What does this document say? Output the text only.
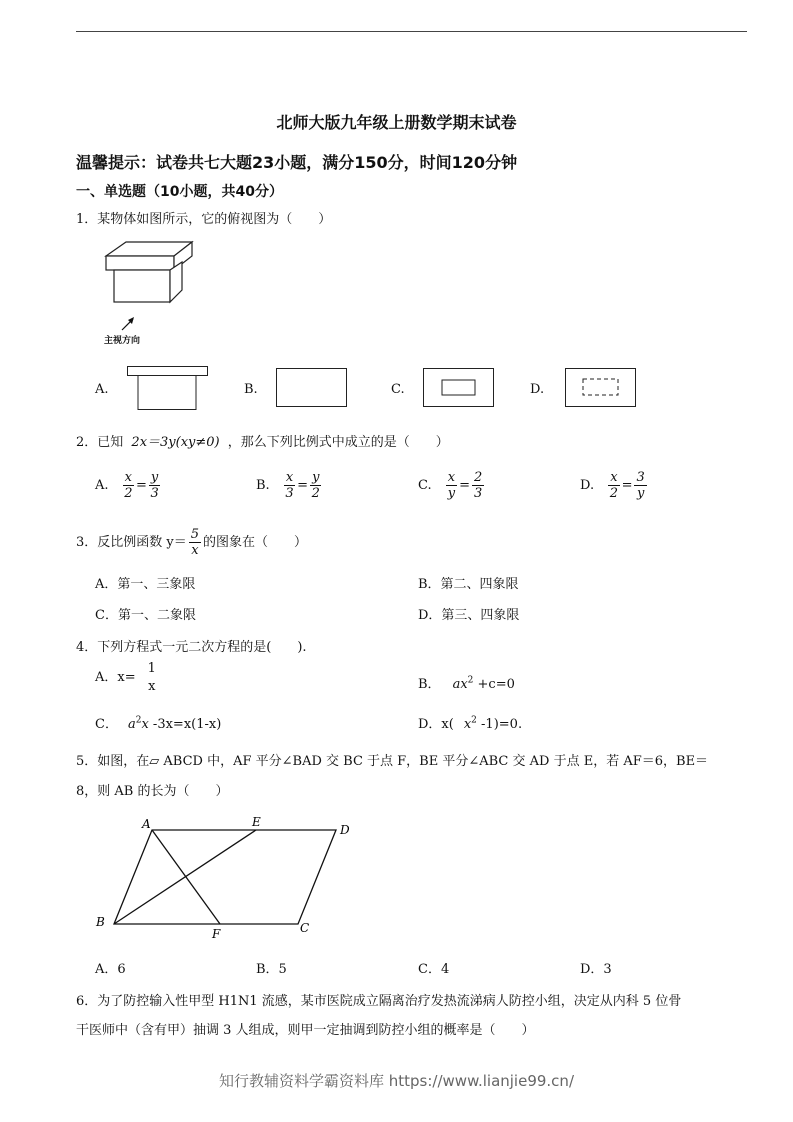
北师大版九年级上册数学期末试卷
温馨提示：试卷共七大题23小题，满分150分，时间120分钟
一、单选题（10小题，共40分）
1．某物体如图所示，它的俯视图为（　　）
主视方向
A.	B.	C.	D.
2．已知 2x＝3y(xy≠0) ，那么下列比例式中成立的是（　　）
A. $\frac{x}{2} = \frac{y}{3}$	B. $\frac{x}{3} = \frac{y}{2}$	C. $\frac{x}{y} = \frac{2}{3}$	D. $\frac{x}{2} = \frac{3}{y}$
3．反比例函数 $y= \frac{5}{x}$ 的图象在（　　）
A．第一、三象限	B．第二、四象限
C．第一、二象限	D．第三、四象限
4．下列方程式一元二次方程的是(　　).
A．x=
1
x	B． $ax^2 +c=0$
C． $a^2x$ -3x=x(1-x)	D．x( $x^2$ -1)=0.
5．如图，在▱ ABCD 中，AF 平分∠BAD 交 BC 于点 F，BE 平分∠ABC 交 AD 于点 E，若 AF＝6，BE＝
8，则 AB 的长为（　　）
A	E
D
B
F	C
A．6	B．5	C．4	D．3
6．为了防控输入性甲型 H1N1 流感，某市医院成立隔离治疗发热流涕病人防控小组，决定从内科 5 位骨
干医师中（含有甲）抽调 3 人组成，则甲一定抽调到防控小组的概率是（　　）
知行教辅资料学霸资料库 https://www.lianjie99.cn/
